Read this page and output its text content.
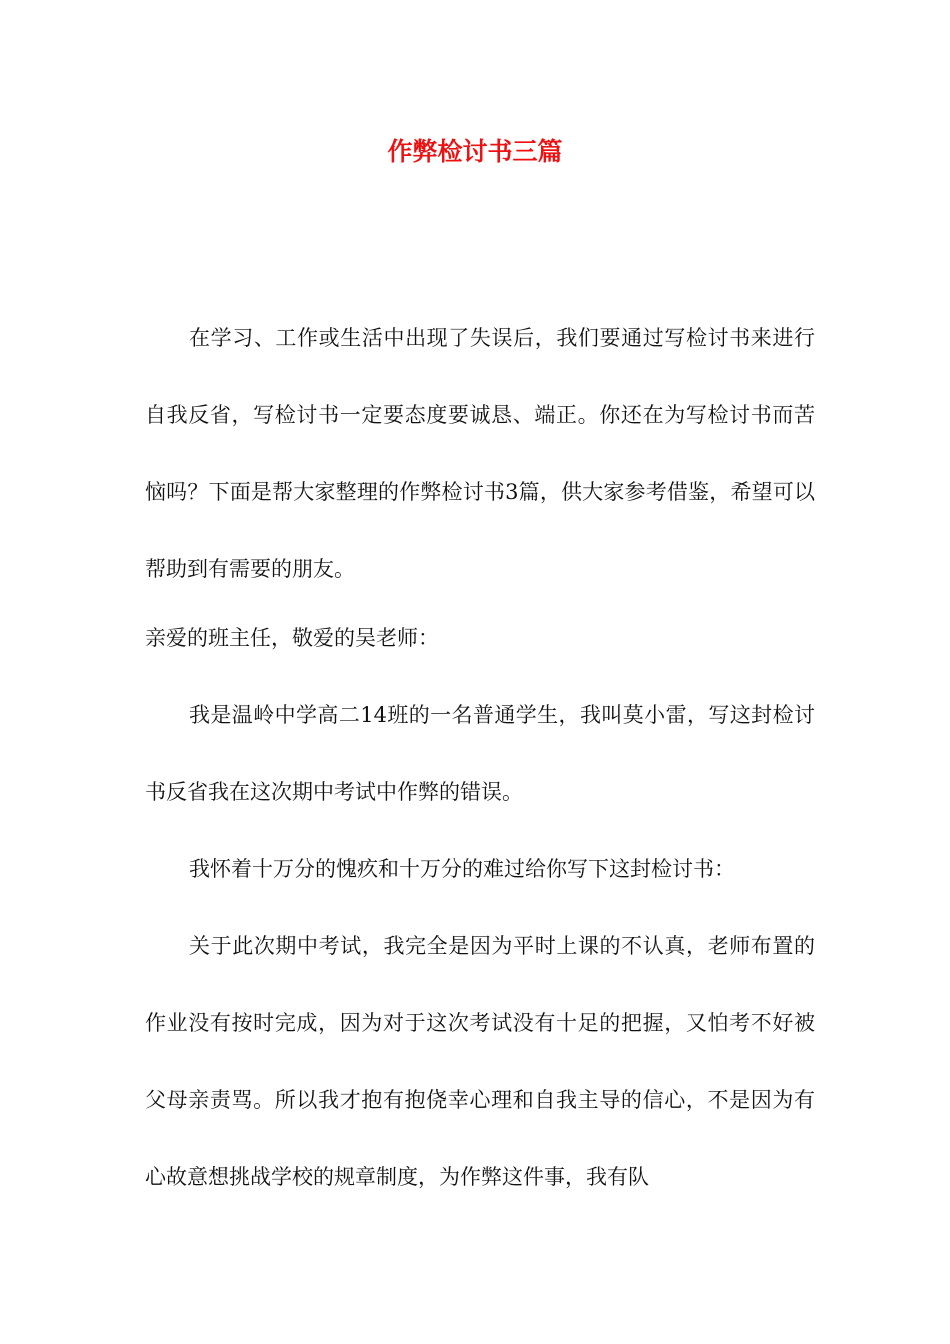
作弊检讨书三篇

在学习、工作或生活中出现了失误后，我们要通过写检讨书来进行自我反省，写检讨书一定要态度要诚恳、端正。你还在为写检讨书而苦恼吗？下面是帮大家整理的作弊检讨书3篇，供大家参考借鉴，希望可以帮助到有需要的朋友。

亲爱的班主任，敬爱的吴老师：

我是温岭中学高二14班的一名普通学生，我叫莫小雷，写这封检讨书反省我在这次期中考试中作弊的错误。

我怀着十万分的愧疚和十万分的难过给你写下这封检讨书：

关于此次期中考试，我完全是因为平时上课的不认真，老师布置的作业没有按时完成，因为对于这次考试没有十足的把握，又怕考不好被父母亲责骂。所以我才抱有抱侥幸心理和自我主导的信心，不是因为有心故意想挑战学校的规章制度，为作弊这件事，我有队
